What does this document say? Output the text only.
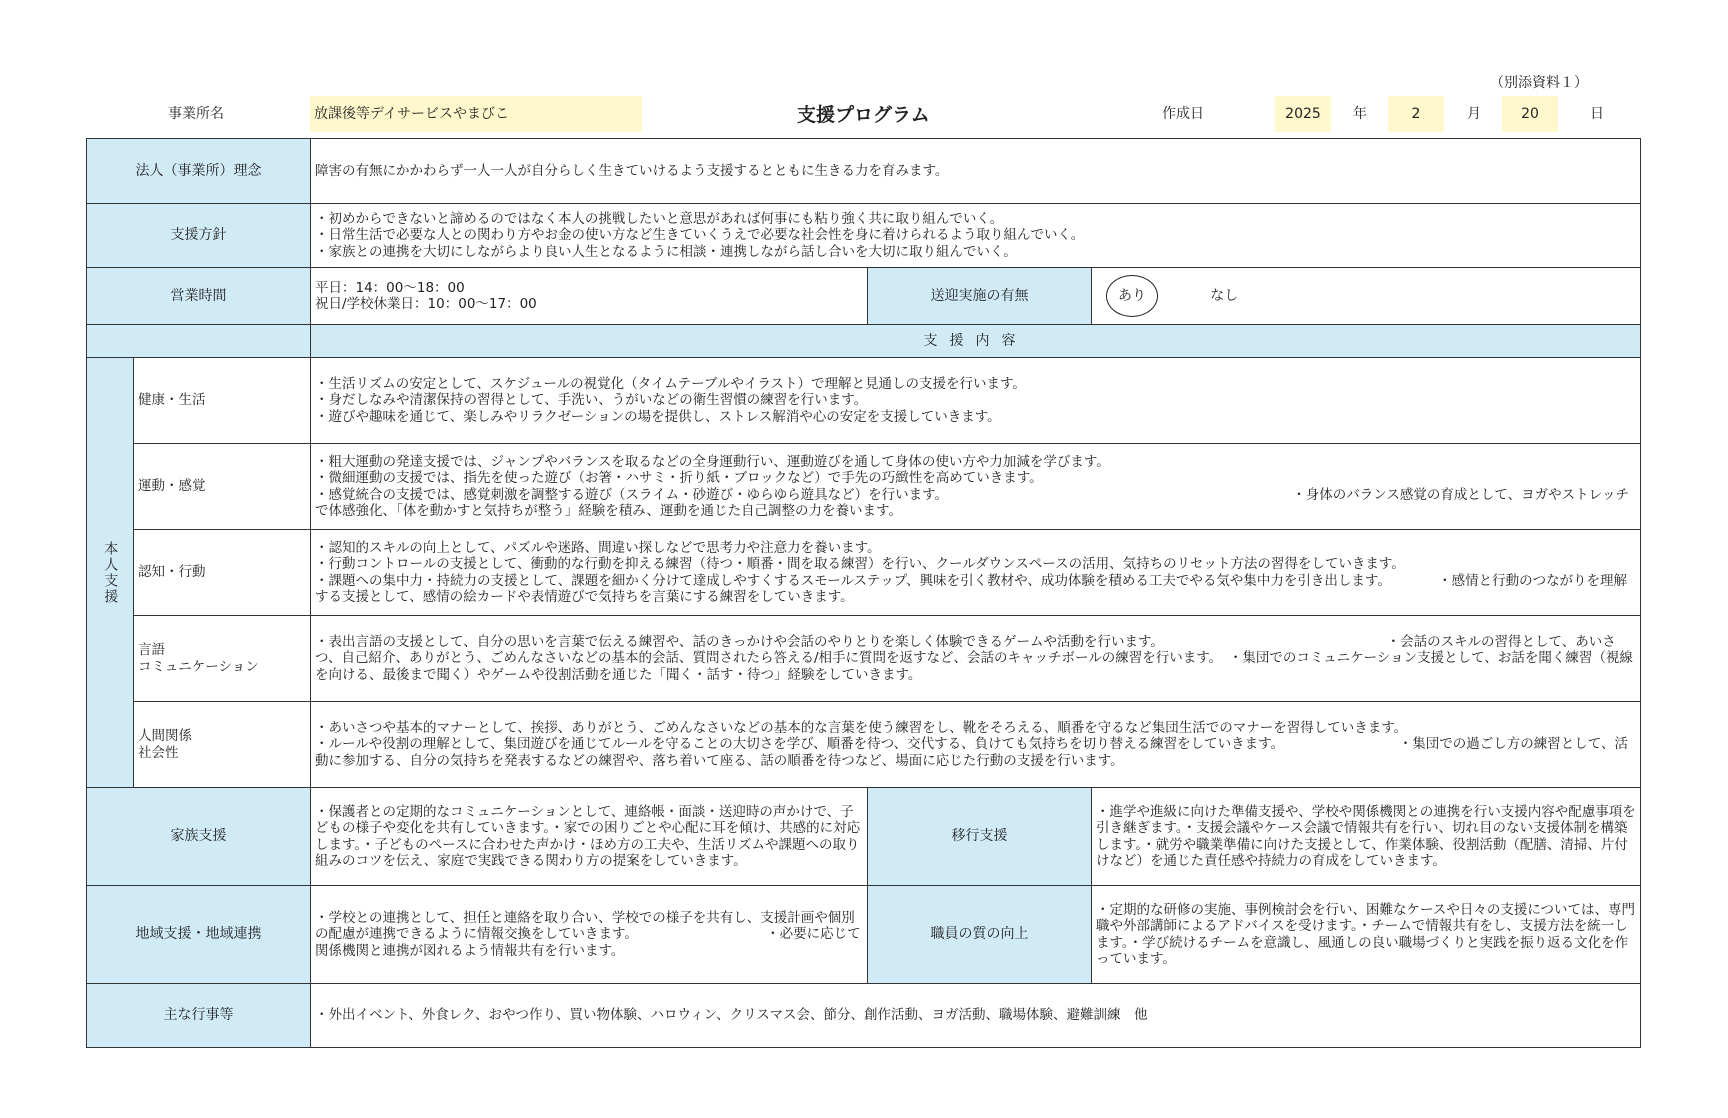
（別添資料１）
事業所名	放課後等デイサービスやまびこ	支援プログラム	作成日	2025	年	2	月	20	日
法人（事業所）理念		障害の有無にかかわらず一人一人が自分らしく生きていけるよう支援するとともに生きる力を育みます。		
支援方針		・初めからできないと諦めるのではなく本人の挑戦したいと意思があれば何事にも粘り強く共に取り組んでいく。
・日常生活で必要な人との関わり方やお金の使い方など生きていくうえで必要な社会性を身に着けられるよう取り組んでいく。
・家族との連携を大切にしながらより良い人生となるように相談・連携しながら話し合いを大切に取り組んでいく。		
営業時間		平日：14：00～18：00
祝日/学校休業日：10：00～17：00	送迎実施の有無	あり なし
		支援内容		
本人支援	健康・生活	・生活リズムの安定として、スケジュールの視覚化（タイムテーブルやイラスト）で理解と見通しの支援を行います。
・身だしなみや清潔保持の習得として、手洗い、うがいなどの衛生習慣の練習を行います。
・遊びや趣味を通じて、楽しみやリラクゼーションの場を提供し、ストレス解消や心の安定を支援していきます。		
	運動・感覚	・粗大運動の発達支援では、ジャンプやバランスを取るなどの全身運動行い、運動遊びを通して身体の使い方や力加減を学びます。
・微細運動の支援では、指先を使った遊び（お箸・ハサミ・折り紙・ブロックなど）で手先の巧緻性を高めていきます。
・感覚統合の支援では、感覚刺激を調整する遊び（スライム・砂遊び・ゆらゆら遊具など）を行います。　　　　　　　　　　　　　　　　　　　　　　　　　　・身体のバランス感覚の育成として、ヨガやストレッチで体感強化、「体を動かすと気持ちが整う」経験を積み、運動を通じた自己調整の力を養います。		
	認知・行動	・認知的スキルの向上として、パズルや迷路、間違い探しなどで思考力や注意力を養います。
・行動コントロールの支援として、衝動的な行動を抑える練習（待つ・順番・間を取る練習）を行い、クールダウンスペースの活用、気持ちのリセット方法の習得をしていきます。
・課題への集中力・持続力の支援として、課題を細かく分けて達成しやすくするスモールステップ、興味を引く教材や、成功体験を積める工夫でやる気や集中力を引き出します。　　　　・感情と行動のつながりを理解する支援として、感情の絵カードや表情遊びで気持ちを言葉にする練習をしていきます。		
	言語
コミュニケーション	・表出言語の支援として、自分の思いを言葉で伝える練習や、話のきっかけや会話のやりとりを楽しく体験できるゲームや活動を行います。　　　　　　　　　　　　　　　　　・会話のスキルの習得として、あいさつ、自己紹介、ありがとう、ごめんなさいなどの基本的会話、質問されたら答える/相手に質問を返すなど、会話のキャッチボールの練習を行います。　・集団でのコミュニケーション支援として、お話を聞く練習（視線を向ける、最後まで聞く）やゲームや役割活動を通じた「聞く・話す・待つ」経験をしていきます。		
	人間関係
社会性	・あいさつや基本的マナーとして、挨拶、ありがとう、ごめんなさいなどの基本的な言葉を使う練習をし、靴をそろえる、順番を守るなど集団生活でのマナーを習得していきます。
・ルールや役割の理解として、集団遊びを通じてルールを守ることの大切さを学び、順番を待つ、交代する、負けても気持ちを切り替える練習をしていきます。　　　　　　　　　・集団での過ごし方の練習として、活動に参加する、自分の気持ちを発表するなどの練習や、落ち着いて座る、話の順番を待つなど、場面に応じた行動の支援を行います。		
家族支援		・保護者との定期的なコミュニケーションとして、連絡帳・面談・送迎時の声かけで、子どもの様子や変化を共有していきます。・家での困りごとや心配に耳を傾け、共感的に対応します。・子どものペースに合わせた声かけ・ほめ方の工夫や、生活リズムや課題への取り組みのコツを伝え、家庭で実践できる関わり方の提案をしていきます。	移行支援	・進学や進級に向けた準備支援や、学校や関係機関との連携を行い支援内容や配慮事項を引き継ぎます。・支援会議やケース会議で情報共有を行い、切れ目のない支援体制を構築します。・就労や職業準備に向けた支援として、作業体験、役割活動（配膳、清掃、片付けなど）を通じた責任感や持続力の育成をしていきます。
地域支援・地域連携		・学校との連携として、担任と連絡を取り合い、学校での様子を共有し、支援計画や個別の配慮が連携できるように情報交換をしていきます。　　　　　　　　　　・必要に応じて関係機関と連携が図れるよう情報共有を行います。	職員の質の向上	・定期的な研修の実施、事例検討会を行い、困難なケースや日々の支援については、専門職や外部講師によるアドバイスを受けます。・チームで情報共有をし、支援方法を統一します。・学び続けるチームを意識し、風通しの良い職場づくりと実践を振り返る文化を作っています。
主な行事等		・外出イベント、外食レク、おやつ作り、買い物体験、ハロウィン、クリスマス会、節分、創作活動、ヨガ活動、職場体験、避難訓練　他		
